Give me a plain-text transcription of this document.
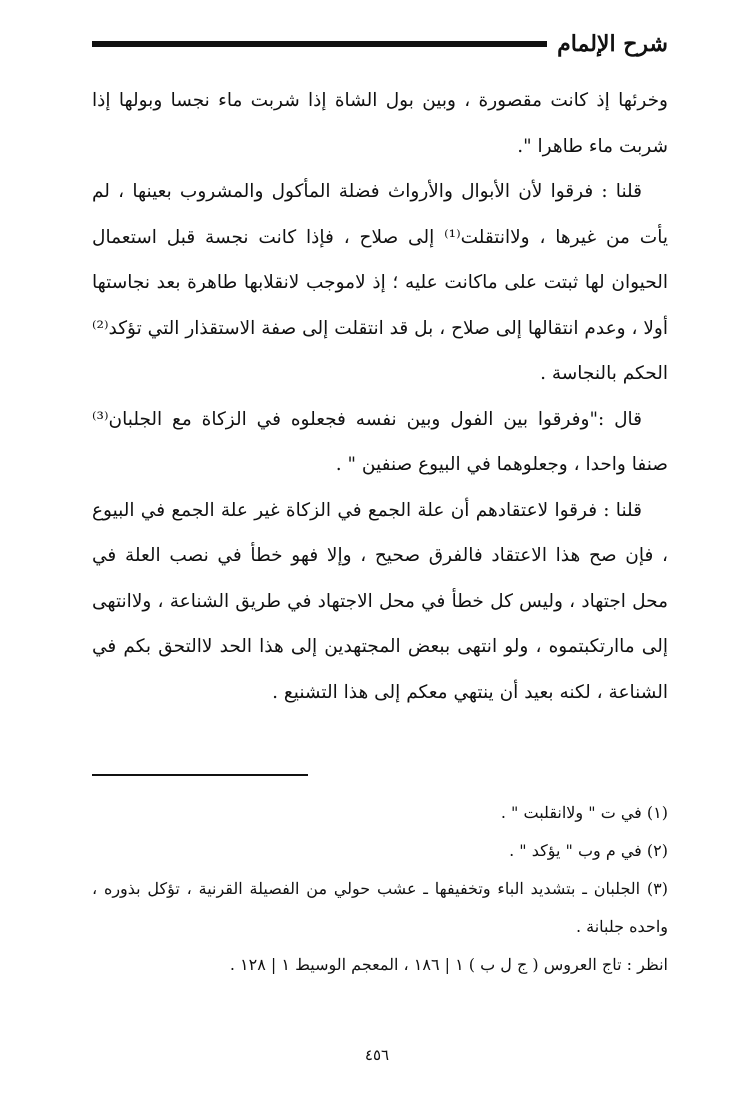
شرح الإلمام

وخرئها إذ كانت مقصورة ، وبين بول الشاة إذا شربت ماء نجسا وبولها إذا شربت ماء طاهرا ".

قلنا : فرقوا لأن الأبوال والأرواث فضلة المأكول والمشروب بعينها ، لم يأت من غيرها ، ولاانتقلت⁽¹⁾ إلى صلاح ، فإذا كانت نجسة قبل استعمال الحيوان لها ثبتت على ماكانت عليه ؛ إذ لاموجب لانقلابها طاهرة بعد نجاستها أولا ، وعدم انتقالها إلى صلاح ، بل قد انتقلت إلى صفة الاستقذار التي تؤكد⁽²⁾ الحكم بالنجاسة .

قال :"وفرقوا بين الفول وبين نفسه فجعلوه في الزكاة مع الجلبان⁽³⁾ صنفا واحدا ، وجعلوهما في البيوع صنفين " .

قلنا : فرقوا لاعتقادهم أن علة الجمع في الزكاة غير علة الجمع في البيوع ، فإن صح هذا الاعتقاد فالفرق صحيح ، وإلا فهو خطأ في نصب العلة في محل اجتهاد ، وليس كل خطأ في محل الاجتهاد في طريق الشناعة ، ولاانتهى إلى ماارتكبتموه ، ولو انتهى ببعض المجتهدين إلى هذا الحد لاالتحق بكم في الشناعة ، لكنه بعيد أن ينتهي معكم إلى هذا التشنيع .

(١) في ت " ولاانقلبت " .

(٢) في م وب " يؤكد " .

(٣) الجلبان ـ بتشديد الباء وتخفيفها ـ عشب حولي من الفصيلة القرنية ، تؤكل بذوره ، واحده جلبانة .

انظر : تاج العروس ( ج ل ب ) ١ | ١٨٦ ، المعجم الوسيط ١ | ١٢٨ .

٤٥٦
